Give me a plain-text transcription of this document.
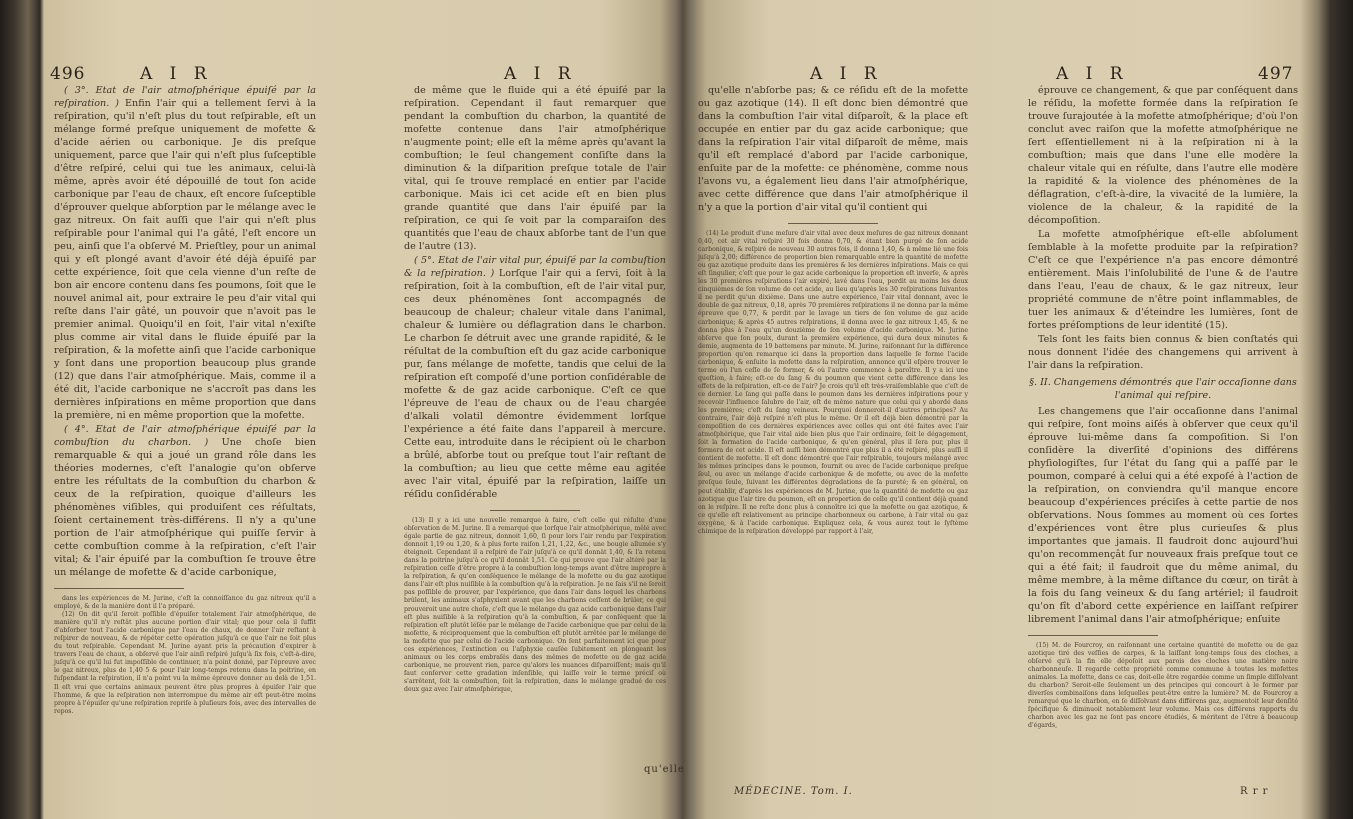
496	A I R	A I R

( 3°. Etat de l'air atmoſphérique épuiſé par la reſpiration. ) Enfin l'air qui a tellement ſervi à la reſpiration, qu'il n'eſt plus du tout reſpirable, eſt un mélange formé preſque uniquement de mofette & d'acide aérien ou carbonique. Je dis preſque uniquement, parce que l'air qui n'eſt plus ſuſceptible d'être reſpiré, celui qui tue les animaux, celui-là même, après avoir été dépouillé de tout ſon acide carbonique par l'eau de chaux, eſt encore ſuſceptible d'éprouver quelque abſorption par le mélange avec le gaz nitreux. On fait auſſi que l'air qui n'eſt plus reſpirable pour l'animal qui l'a gâté, l'eſt encore un peu, ainſi que l'a obſervé M. Prieſtley, pour un animal qui y eſt plongé avant d'avoir été déjà épuiſé par cette expérience, ſoit que cela vienne d'un reſte de bon air encore contenu dans ſes poumons, ſoit que le nouvel animal ait, pour extraire le peu d'air vital qui reſte dans l'air gâté, un pouvoir que n'avoit pas le premier animal. Quoiqu'il en ſoit, l'air vital n'exiſte plus comme air vital dans le fluide épuiſé par la reſpiration, & la mofette ainſi que l'acide carbonique y ſont dans une proportion beaucoup plus grande (12) que dans l'air atmoſphérique. Mais, comme il a été dit, l'acide carbonique ne s'accroît pas dans les dernières inſpirations en même proportion que dans la première, ni en même proportion que la mofette.

( 4°. Etat de l'air atmoſphérique épuiſé par la combuſtion du charbon. ) Une choſe bien remarquable & qui a joué un grand rôle dans les théories modernes, c'eſt l'analogie qu'on obſerve entre les réſultats de la combuſtion du charbon & ceux de la reſpiration, quoique d'ailleurs les phénomènes viſibles, qui produiſent ces réſultats, ſoient certainement très-différens. Il n'y a qu'une portion de l'air atmoſphérique qui puiſſe ſervir à cette combuſtion comme à la reſpiration, c'eſt l'air vital; & l'air épuiſé par la combuſtion ſe trouve être un mélange de mofette & d'acide carbonique,

dans les expériences de M. Jurine, c'eſt la connoiſſance du gaz nitreux qu'il a employé, & de la manière dont il l'a préparé.

(12) On dit qu'il ſeroit poſſible d'épuiſer totalement l'air atmoſphérique, de manière qu'il n'y reſtât plus aucune portion d'air vital; que pour cela il ſuffit d'abſorber tout l'acide carbonique par l'eau de chaux, de donner l'air reſtant à reſpirer de nouveau, & de répéter cette opération juſqu'à ce que l'air ne ſoit plus du tout reſpirable. Cependant M. Jurine ayant pris la précaution d'expirer à travers l'eau de chaux, a obſervé que l'air ainſi reſpiré juſqu'à ſix fois, c'eſt-à-dire, juſqu'à ce qu'il lui fut impoſſible de continuer, n'a point donné, par l'épreuve avec le gaz nitreux, plus de 1,40 5 & pour l'air long-temps retenu dans la poitrine, en ſuſpendant la reſpiration, il n'a point vu la même épreuve donner au delà de 1,51. Il eſt vrai que certains animaux peuvent être plus propres à épuiſer l'air que l'homme, & que la reſpiration non interrompue du même air eſt peut-être moins propre à l'épuiſer qu'une reſpiration repriſe à pluſieurs fois, avec des intervalles de repos.

de même que le fluide qui a été épuiſé par la reſpiration. Cependant il faut remarquer que pendant la combuſtion du charbon, la quantité de mofette contenue dans l'air atmoſphérique n'augmente point; elle eſt la même après qu'avant la combuſtion; le ſeul changement conſiſte dans la diminution & la diſparition preſque totale de l'air vital, qui ſe trouve remplacé en entier par l'acide carbonique. Mais ici cet acide eſt en bien plus grande quantité que dans l'air épuiſé par la reſpiration, ce qui ſe voit par la comparaiſon des quantités que l'eau de chaux abſorbe tant de l'un que de l'autre (13).

( 5°. Etat de l'air vital pur, épuiſé par la combuſtion & la reſpiration. ) Lorſque l'air qui a ſervi, ſoit à la reſpiration, ſoit à la combuſtion, eſt de l'air vital pur, ces deux phénomènes ſont accompagnés de beaucoup de chaleur; chaleur vitale dans l'animal, chaleur & lumière ou déflagration dans le charbon. Le charbon ſe détruit avec une grande rapidité, & le réſultat de la combuſtion eſt du gaz acide carbonique pur, ſans mélange de mofette, tandis que celui de la reſpiration eſt compoſé d'une portion conſidérable de mofette & de gaz acide carbonique. C'eſt ce que l'épreuve de l'eau de chaux ou de l'eau chargée d'alkali volatil démontre évidemment lorſque l'expérience a été faite dans l'appareil à mercure. Cette eau, introduite dans le récipient où le charbon a brûlé, abſorbe tout ou preſque tout l'air reſtant de la combuſtion; au lieu que cette même eau agitée avec l'air vital, épuiſé par la reſpiration, laiſſe un réſidu conſidérable

(13) Il y a ici une nouvelle remarque à faire, c'eſt celle qui réſulte d'une obſervation de M. Jurine. Il a remarqué que lorſque l'air atmoſphérique, mêlé avec égale partie de gaz nitreux, donnoit 1,60, ſi pour lors l'air rendu par l'expiration donnoit 1,19 ou 1,20, & à plus forte raiſon 1,21, 1,22, &c., une bougie allumée s'y éteignoit. Cependant il a reſpiré de l'air juſqu'à ce qu'il donnât 1,40, & l'a retenu dans la poitrine juſqu'à ce qu'il donnât 1,51. Ce qui prouve que l'air altéré par la reſpiration ceſſe d'être propre à la combuſtion long-temps avant d'être impropre à la reſpiration, & qu'en conſéquence le mélange de la mofette ou du gaz azotique dans l'air eſt plus nuiſible à la combuſtion qu'à la reſpiration. Je ne ſais s'il ne ſeroit pas poſſible de prouver, par l'expérience, que dans l'air dans lequel les charbons brûlent, les animaux s'aſphyxient avant que les charbons ceſſent de brûler, ce qui prouveroit une autre choſe, c'eſt que le mélange du gaz acide carbonique dans l'air eſt plus nuiſible à la reſpiration qu'à la combuſtion, & par conſéquent que la reſpiration eſt plutôt léſée par le mélange de l'acide carbonique que par celui de la mofette, & réciproquement que la combuſtion eſt plutôt arrêtée par le mélange de la mofette que par celui de l'acide carbonique. On ſent parfaitement ici que pour ces expériences, l'extinction ou l'aſphyxie cauſée ſubitement en plongeant les animaux ou les corps embraſés dans des mêmes de mofette ou de gaz acide carbonique, ne prouvent rien, parce qu'alors les nuances diſparoiſſent; mais qu'il faut conſerver cette gradation inſenſible, qui laiſſe voir le terme préciſ où s'arrêtent, ſoit la combuſtion, ſoit la reſpiration, dans le mélange gradué de ces deux gaz avec l'air atmoſphérique,

qu'elle
A I R	A I R	497

qu'elle n'abſorbe pas; & ce réſidu eſt de la mofette ou gaz azotique (14). Il eſt donc bien démontré que dans la combuſtion l'air vital diſparoît, & la place eſt occupée en entier par du gaz acide carbonique; que dans la reſpiration l'air vital diſparoît de même, mais qu'il eſt remplacé d'abord par l'acide carbonique, enſuite par de la mofette: ce phénomène, comme nous l'avons vu, a également lieu dans l'air atmoſphérique, avec cette différence que dans l'air atmoſphérique il n'y a que la portion d'air vital qu'il contient qui

(14) Le produit d'une meſure d'air vital avec deux meſures de gaz nitreux donnant 0,40, cet air vital reſpiré 30 fois donna 0,70, & étant bien purgé de ſon acide carbonique, & reſpiré de nouveau 30 autres fois, il donna 1,40, & à même lié une fois juſqu'à 2,00; différence de proportion bien remarquable entre la quantité de mofette ou gaz azotique produite dans les premières & les dernières inſpirations. Mais ce qui eſt ſingulier, c'eſt que pour le gaz acide carbonique la proportion eſt inverſe, & après les 30 premières reſpirations l'air expiré, lavé dans l'eau, perdit au moins les deux cinquièmes de ſon volume de cet acide, au lieu qu'après les 30 reſpirations ſuivantes il ne perdit qu'un dixième. Dans une autre expérience, l'air vital donnant, avec le double de gaz nitreux, 0,18, après 70 premières reſpirations il ne donna par la même épreuve que 0,77, & perdit par le lavage un tiers de ſon volume de gaz acide carbonique; & après 45 autres reſpirations, il donna avec le gaz nitreux 1,45, & ne donna plus à l'eau qu'un douzième de ſon volume d'acide carbonique. M. Jurine obſerve que ſon poulx, durant la première expérience, qui dura deux minutes & demie, augmenta de 19 battemens par minute. M. Jurine, raiſonnant ſur la différence proportion qu'on remarque ici dans la proportion dans laquelle ſe forme l'acide carbonique, & enſuite la mofette dans la reſpiration, annonce qu'il eſpère trouver le terme où l'un ceſſe de ſe former, & où l'autre commence à paroître. Il y a ici une queſtion, à faire; eſt-ce du ſang & du poumon que vient cette différence dans les effets de la reſpiration, eſt-ce de l'air? Je crois qu'il eſt très-vraiſemblable que c'eſt de ce dernier. Le ſang qui paſſe dans le poumon dans les dernières inſpirations pour y recevoir l'influence ſalubre de l'air, eſt de même nature que celui qui y abordé dans les premières; c'eſt du ſang veineux. Pourquoi donneroit-il d'autres principes? Au contraire, l'air déjà reſpiré n'eſt plus le même. Or il eſt déjà bien démontré par la compoſition de ces dernières expériences avec celles qui ont été faites avec l'air atmoſphérique, que l'air vital aide bien plus que l'air ordinaire, ſoit le dégagement, ſoit la formation de l'acide carbonique, & qu'en général, plus il ſera pur, plus il formera de cet acide. Il eſt auſſi bien démontré que plus il a été reſpiré, plus auſſi il contient de mofette. Il eſt donc démontré que l'air reſpirable, toujours mélangé avec les mêmes principes dans le poumon, fournit ou avec de l'acide carbonique preſque ſeul, ou avec un mélange d'acide carbonique & de mofette, ou avec de la mofette preſque ſeule, ſuivant les différentes dégradations de ſa pureté; & en général, on peut établir, d'après les expériences de M. Jurine, que la quantité de mofette ou gaz azotique que l'air tire du poumon, eſt en proportion de celle qu'il contient déjà quand on le reſpire. Il ne reſte donc plus à connoître ici que la mofette ou gaz azotique, & ce qu'elle eſt relativement au principe charbonneux ou carbone, à l'air vital ou gaz oxygène, & à l'acide carbonique. Expliquez cela, & vous aurez tout le ſyſtème chimique de la reſpiration développé par rapport à l'air,

éprouve ce changement, & que par conſéquent dans le réſidu, la mofette formée dans la reſpiration ſe trouve ſurajoutée à la mofette atmoſphérique; d'où l'on conclut avec raiſon que la mofette atmoſphérique ne ſert eſſentiellement ni à la reſpiration ni à la combuſtion; mais que dans l'une elle modère la chaleur vitale qui en réſulte, dans l'autre elle modère la rapidité & la violence des phénomènes de la déflagration, c'eſt-à-dire, la vivacité de la lumière, la violence de la chaleur, & la rapidité de la décompoſition.

La mofette atmoſphérique eſt-elle abſolument ſemblable à la mofette produite par la reſpiration? C'eſt ce que l'expérience n'a pas encore démontré entièrement. Mais l'inſolubilité de l'une & de l'autre dans l'eau, l'eau de chaux, & le gaz nitreux, leur propriété commune de n'être point inflammables, de tuer les animaux & d'éteindre les lumières, ſont de fortes préſomptions de leur identité (15).

Tels ſont les faits bien connus & bien conſtatés qui nous donnent l'idée des changemens qui arrivent à l'air dans la reſpiration.

§. II. Changemens démontrés que l'air occaſionne dans l'animal qui reſpire.

Les changemens que l'air occaſionne dans l'animal qui reſpire, ſont moins aiſés à obſerver que ceux qu'il éprouve lui-même dans ſa compoſition. Si l'on conſidère la diverſité d'opinions des différens phyſiologiſtes, ſur l'état du ſang qui a paſſé par le poumon, comparé à celui qui a été expoſé à l'action de la reſpiration, on conviendra qu'il manque encore beaucoup d'expériences préciſes à cette partie de nos obſervations. Nous ſommes au moment où ces ſortes d'expériences vont être plus curieuſes & plus importantes que jamais. Il faudroit donc aujourd'hui qu'on recommençât ſur nouveaux frais preſque tout ce qui a été fait; il faudroit que du même animal, du même membre, à la même diſtance du cœur, on tirât à la fois du ſang veineux & du ſang artériel; il faudroit qu'on fît d'abord cette expérience en laiſſant reſpirer librement l'animal dans l'air atmoſphérique; enſuite

(15) M. de Fourcroy, en raiſonnant une certaine quantité de mofette ou de gaz azotique tiré des veſſies de carpes, & la laiſſant long-temps ſous des cloches, a obſervé qu'à la fin elle dépoſoit aux parois des cloches une matière noire charbonneuſe. Il regarde cette propriété comme commune à toutes les mofettes animales. La mofette, dans ce cas, doit-elle être regardée comme un ſimple diſſolvant du charbon? Seroit-elle ſeulement un des principes qui concourt à le former par diverſes combinaiſons dans leſquelles peut-être entre la lumière? M. de Fourcroy a remarqué que le charbon, en ſe diſſolvant dans différens gaz, augmentoit leur denſité ſpécifique & diminuoit notablement leur volume. Mais ces différens rapports du charbon avec les gaz ne ſont pas encore étudiés, & méritent de l'être à beaucoup d'égards,

MÉDECINE. Tom. I.	R r r
